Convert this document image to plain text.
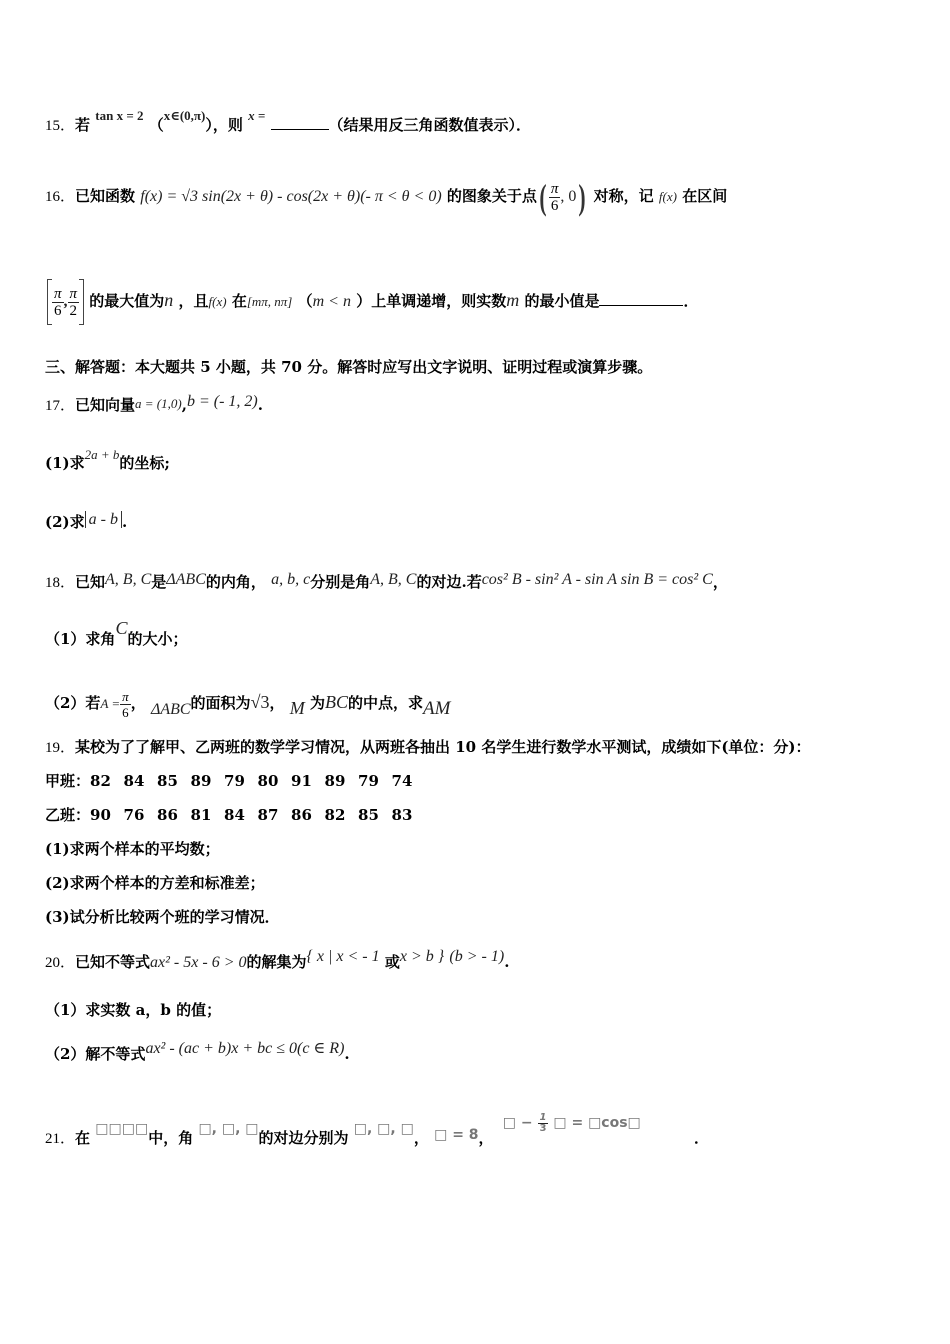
15．若 tan x = 2 （x∈(0,π)），则 x = （结果用反三角函数值表示）．
16．已知函数 f(x) = √3 sin(2x + θ) - cos(2x + θ)(- π < θ < 0) 的图象关于点( $\frac{\pi}{6}$ , 0) 对称，记 f(x) 在区间
$\frac{\pi}{6}$ , $\frac{\pi}{2}$ 的最大值为n ，且f(x) 在[mπ, nπ] （m < n ）上单调递增，则实数m 的最小值是	．
三、解答题：本大题共 5 小题，共 70 分。解答时应写出文字说明、证明过程或演算步骤。
17．已知向量a = (1,0),b = (- 1, 2).
(1)求2a + b的坐标;
(2)求 a - b .
18．已知A, B, C是ΔABC的内角， a, b, c分别是角A, B, C的对边.若cos² B - sin² A - sin A sin B = cos² C，
（1）求角C的大小；
（2）若$A = \frac{\pi}{6}$ ， ΔABC的面积为√3， M 为BC的中点，求AM
19．某校为了了解甲、乙两班的数学学习情况，从两班各抽出 10 名学生进行数学水平测试，成绩如下(单位：分)：
甲班：82 84 85 89 79 80 91 89 79 74
乙班：90 76 86 81 84 87 86 82 85 83
(1)求两个样本的平均数；
(2)求两个样本的方差和标准差；
(3)试分析比较两个班的学习情况．
20．已知不等式ax² - 5x - 6 > 0的解集为{ x | x < - 1 或x > b } (b > - 1).
（1）求实数 a，b 的值；
（2）解不等式ax² - (ac + b)x + bc ≤ 0(c ∈ R).
21．在 □□□□中，角 □, □, □的对边分别为 □, □, □， □ = 8， □ − $\frac{1}{3}$ □ = □cos□ ．
